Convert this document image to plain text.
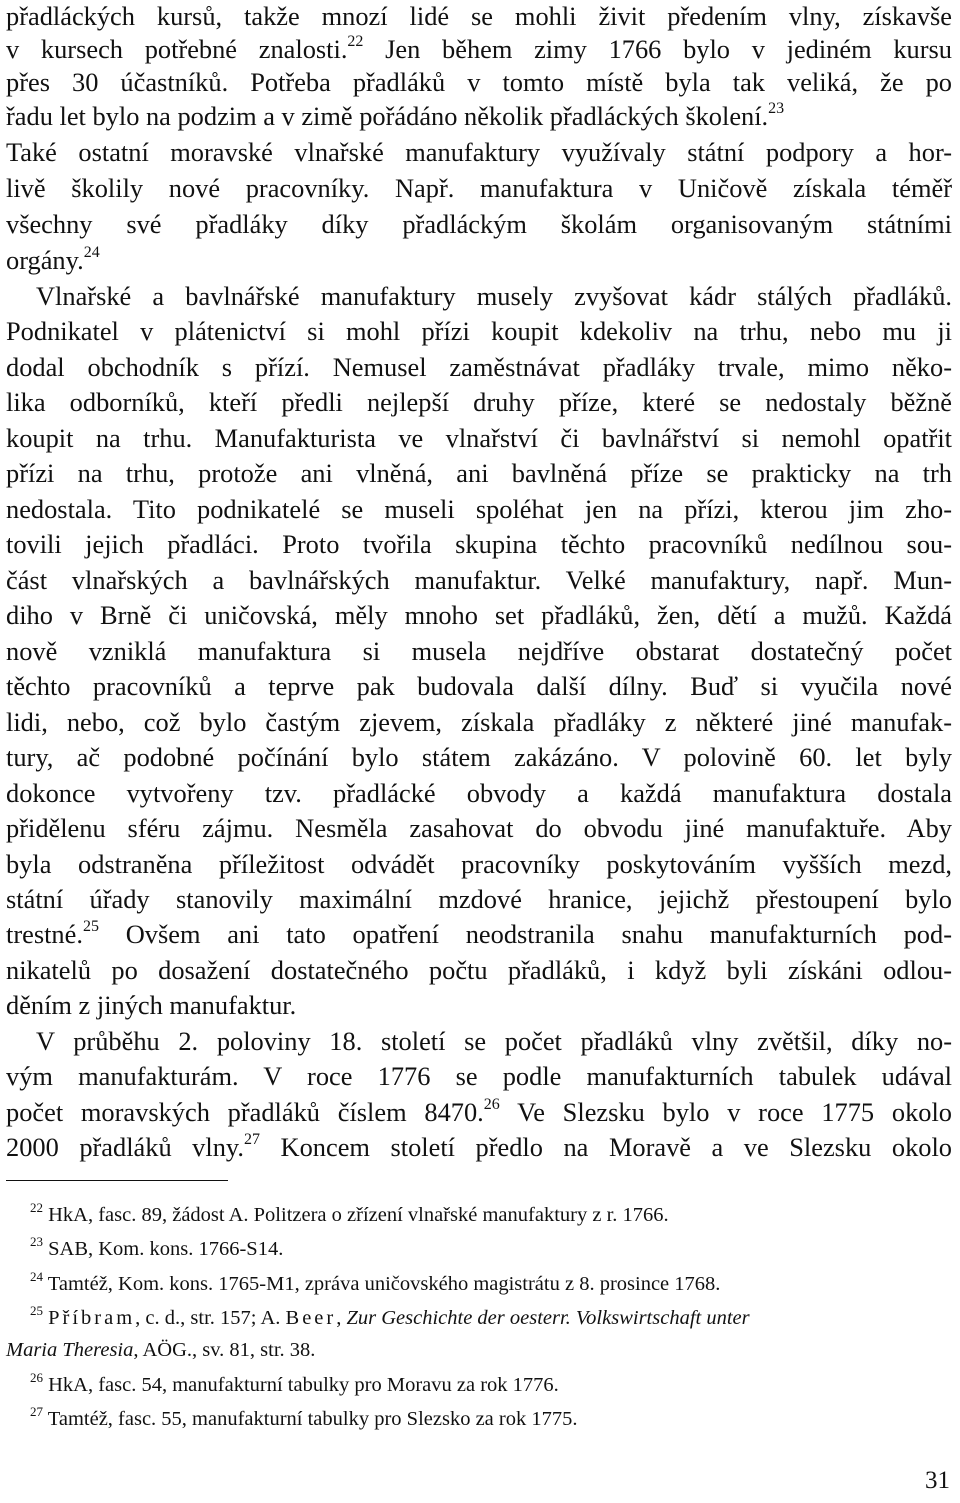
přadláckých kursů, takže mnozí lidé se mohli živit předením vlny, získavše
v kursech potřebné znalosti.$^{22}$ Jen během zimy 1766 bylo v jediném kursu
přes 30 účastníků. Potřeba přadláků v tomto místě byla tak veliká, že po
řadu let bylo na podzim a v zimě pořádáno několik přadláckých školení.$^{23}$
Také ostatní moravské vlnařské manufaktury využívaly státní podpory a hor-
livě školily nové pracovníky. Např. manufaktura v Uničově získala téměř
všechny své přadláky díky přadláckým školám organisovaným státními
orgány.$^{24}$
Vlnařské a bavlnářské manufaktury musely zvyšovat kádr stálých přadláků.
Podnikatel v plátenictví si mohl přízi koupit kdekoliv na trhu, nebo mu ji
dodal obchodník s přízí. Nemusel zaměstnávat přadláky trvale, mimo něko-
lika odborníků, kteří předli nejlepší druhy příze, které se nedostaly běžně
koupit na trhu. Manufakturista ve vlnařství či bavlnářství si nemohl opatřit
přízi na trhu, protože ani vlněná, ani bavlněná příze se prakticky na trh
nedostala. Tito podnikatelé se museli spoléhat jen na přízi, kterou jim zho-
tovili jejich přadláci. Proto tvořila skupina těchto pracovníků nedílnou sou-
část vlnařských a bavlnářských manufaktur. Velké manufaktury, např. Mun-
diho v Brně či uničovská, měly mnoho set přadláků, žen, dětí a mužů. Každá
nově vzniklá manufaktura si musela nejdříve obstarat dostatečný počet
těchto pracovníků a teprve pak budovala další dílny. Buď si vyučila nové
lidi, nebo, což bylo častým zjevem, získala přadláky z některé jiné manufak-
tury, ač podobné počínání bylo státem zakázáno. V polovině 60. let byly
dokonce vytvořeny tzv. přadlácké obvody a každá manufaktura dostala
přidělenu sféru zájmu. Nesměla zasahovat do obvodu jiné manufaktuře. Aby
byla odstraněna příležitost odvádět pracovníky poskytováním vyšších mezd,
státní úřady stanovily maximální mzdové hranice, jejichž přestoupení bylo
trestné.$^{25}$ Ovšem ani tato opatření neodstranila snahu manufakturních pod-
nikatelů po dosažení dostatečného počtu přadláků, i když byli získáni odlou-
děním z jiných manufaktur.
V průběhu 2. poloviny 18. století se počet přadláků vlny zvětšil, díky no-
vým manufakturám. V roce 1776 se podle manufakturních tabulek udával
počet moravských přadláků číslem 8470.26 Ve Slezsku bylo v roce 1775 okolo
2000 přadláků vlny.$^{27}$ Koncem století předlo na Moravě a ve Slezsku okolo
$^{22}$ HkA, fasc. 89, žádost A. Politzera o zřízení vlnařské manufaktury z r. 1766.
$^{23}$ SAB, Kom. kons. 1766-S14.
$^{24}$ Tamtéž, Kom. kons. 1765-M1, zpráva uničovského magistrátu z 8. prosince 1768.
$^{25}$ Příbram, c. d., str. 157; A. Beer, Zur Geschichte der oesterr. Volkswirtschaft unter
Maria Theresia, AÖG., sv. 81, str. 38.
$^{26}$ HkA, fasc. 54, manufakturní tabulky pro Moravu za rok 1776.
$^{27}$ Tamtéž, fasc. 55, manufakturní tabulky pro Slezsko za rok 1775.
31
